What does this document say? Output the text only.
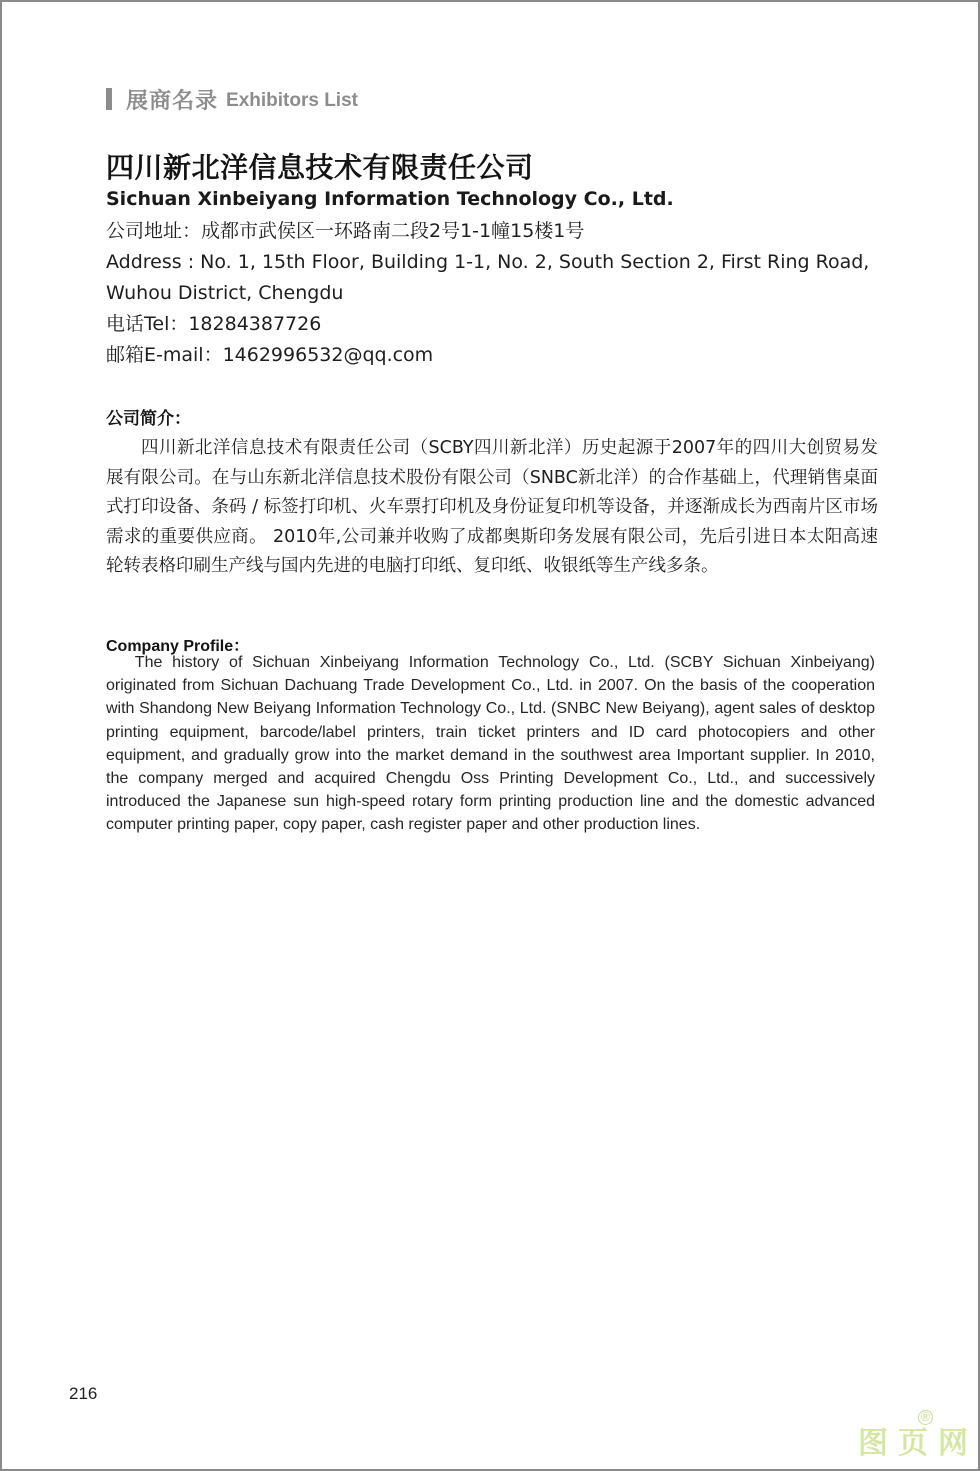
展商名录 Exhibitors List
四川新北洋信息技术有限责任公司
Sichuan Xinbeiyang Information Technology Co., Ltd.
公司地址：成都市武侯区一环路南二段2号1-1幢15楼1号
Address : No. 1, 15th Floor, Building 1-1, No. 2, South Section 2, First Ring Road,
Wuhou District, Chengdu
电话Tel：18284387726
邮箱E-mail：1462996532@qq.com
公司简介：
四川新北洋信息技术有限责任公司（SCBY四川新北洋）历史起源于2007年的四川大创贸易发展有限公司。在与山东新北洋信息技术股份有限公司（SNBC新北洋）的合作基础上，代理销售桌面式打印设备、条码 / 标签打印机、火车票打印机及身份证复印机等设备，并逐渐成长为西南片区市场需求的重要供应商。 2010年,公司兼并收购了成都奥斯印务发展有限公司，先后引进日本太阳高速轮转表格印刷生产线与国内先进的电脑打印纸、复印纸、收银纸等生产线多条。
Company Profile：
The history of Sichuan Xinbeiyang Information Technology Co., Ltd. (SCBY Sichuan Xinbeiyang) originated from Sichuan Dachuang Trade Development Co., Ltd. in 2007. On the basis of the cooperation with Shandong New Beiyang Information Technology Co., Ltd. (SNBC New Beiyang), agent sales of desktop printing equipment, barcode/label printers, train ticket printers and ID card photocopiers and other equipment, and gradually grow into the market demand in the southwest area Important supplier. In 2010, the company merged and acquired Chengdu Oss Printing Development Co., Ltd., and successively introduced the Japanese sun high-speed rotary form printing production line and the domestic advanced computer printing paper, copy paper, cash register paper and other production lines.
216
图页网
®
